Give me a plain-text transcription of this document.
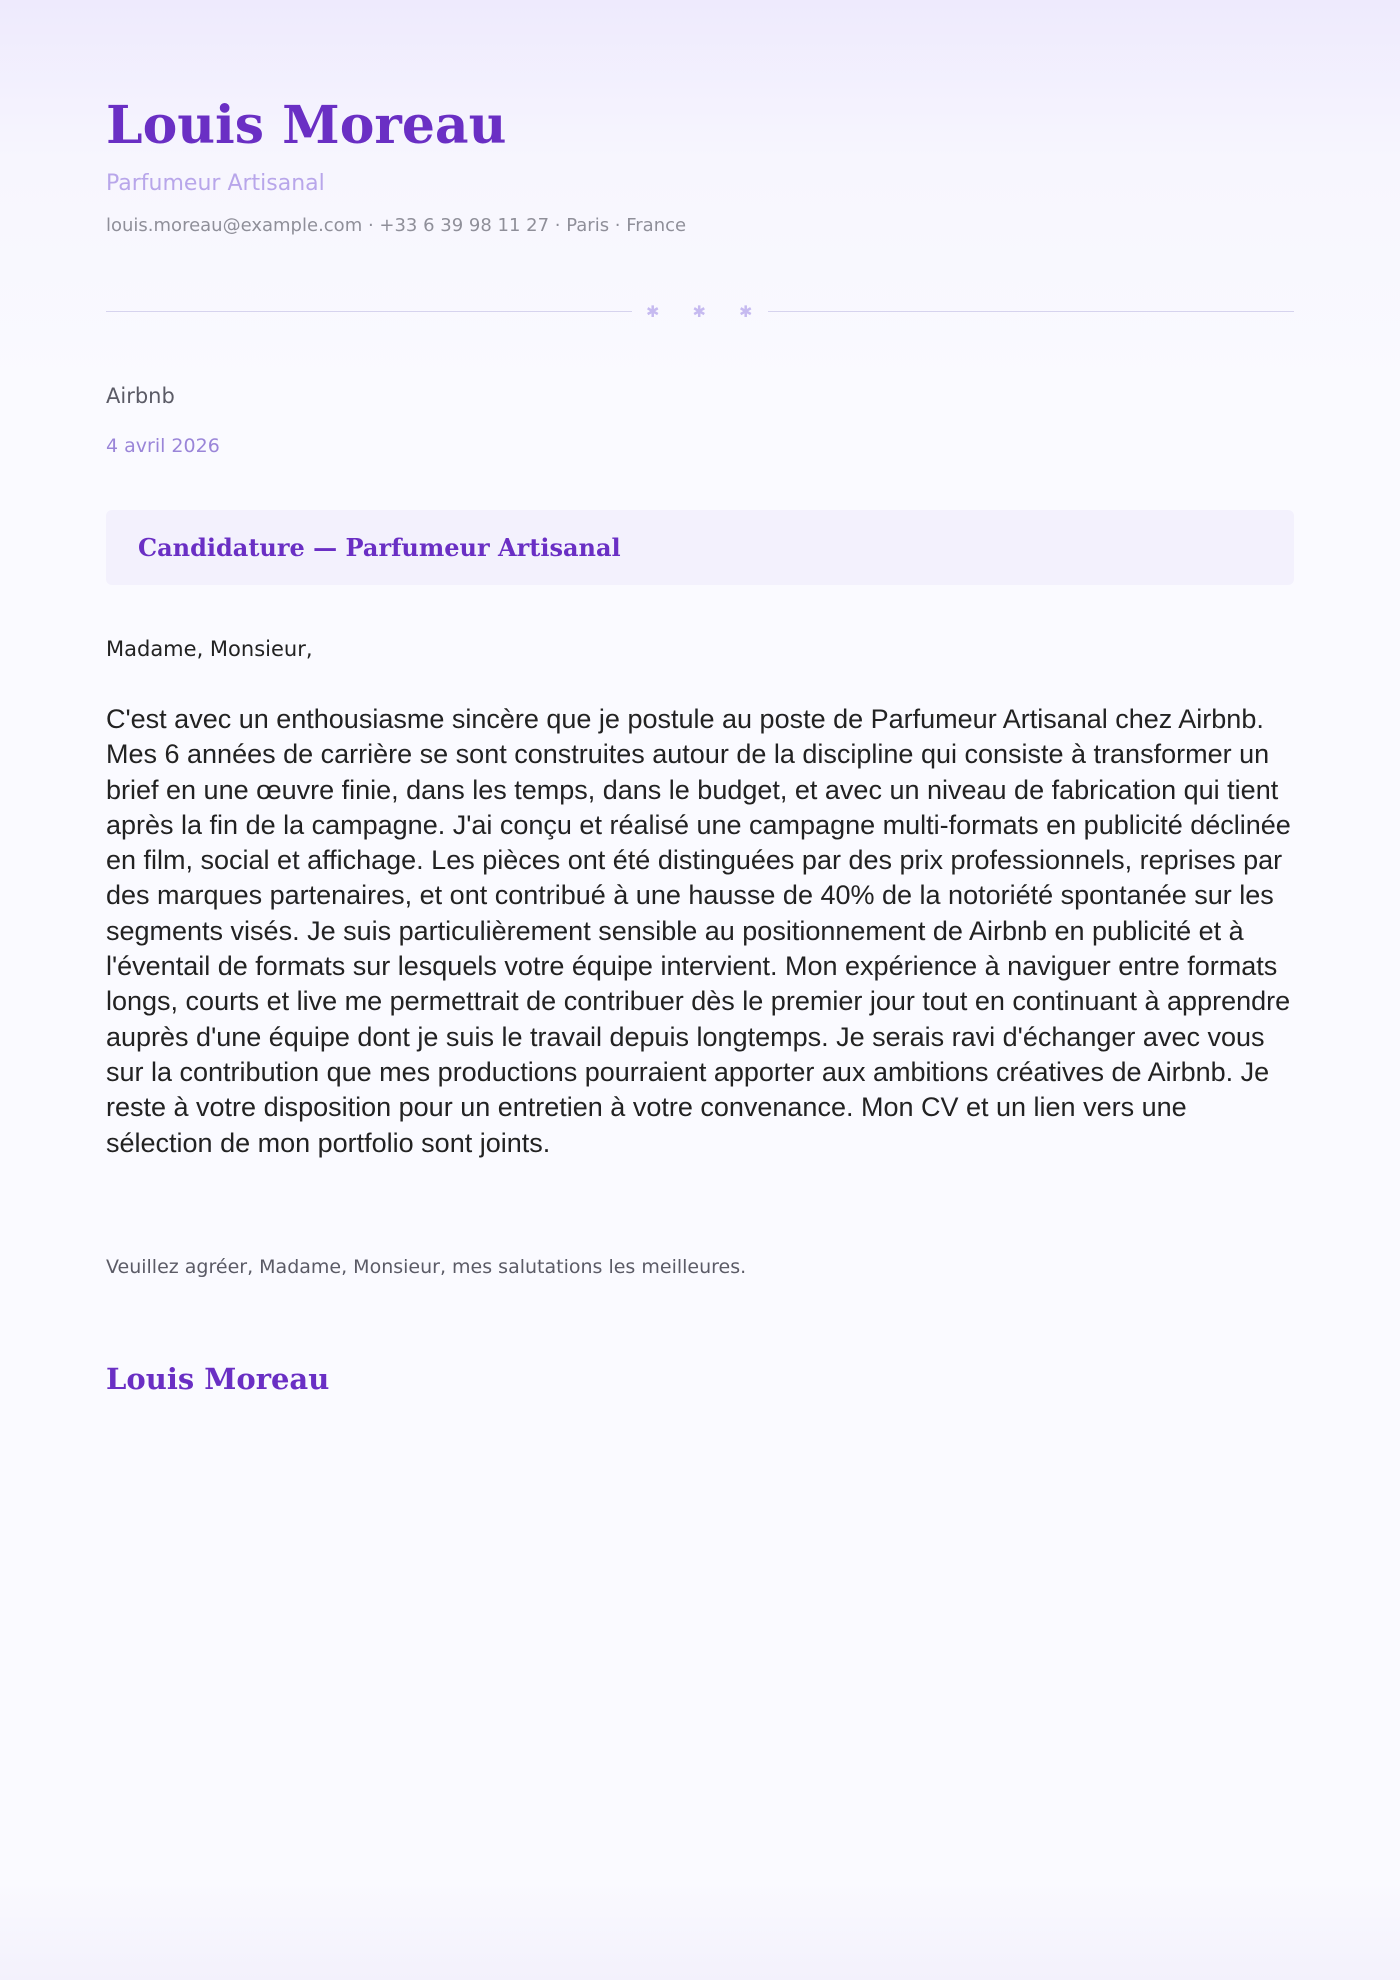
Louis Moreau
Parfumeur Artisanal
louis.moreau@example.com · +33 6 39 98 11 27 · Paris · France
✱ ✱ ✱
Airbnb
4 avril 2026
Candidature — Parfumeur Artisanal
Madame, Monsieur,

C'est avec un enthousiasme sincère que je postule au poste de Parfumeur Artisanal chez Airbnb. Mes 6 années de carrière se sont construites autour de la discipline qui consiste à transformer un brief en une œuvre finie, dans les temps, dans le budget, et avec un niveau de fabrication qui tient après la fin de la campagne. J'ai conçu et réalisé une campagne multi-formats en publicité déclinée en film, social et affichage. Les pièces ont été distinguées par des prix professionnels, reprises par des marques partenaires, et ont contribué à une hausse de 40% de la notoriété spontanée sur les segments visés. Je suis particulièrement sensible au positionnement de Airbnb en publicité et à l'éventail de formats sur lesquels votre équipe intervient. Mon expérience à naviguer entre formats longs, courts et live me permettrait de contribuer dès le premier jour tout en continuant à apprendre auprès d'une équipe dont je suis le travail depuis longtemps. Je serais ravi d'échanger avec vous sur la contribution que mes productions pourraient apporter aux ambitions créatives de Airbnb. Je reste à votre disposition pour un entretien à votre convenance. Mon CV et un lien vers une sélection de mon portfolio sont joints.

Veuillez agréer, Madame, Monsieur, mes salutations les meilleures.
Louis Moreau
